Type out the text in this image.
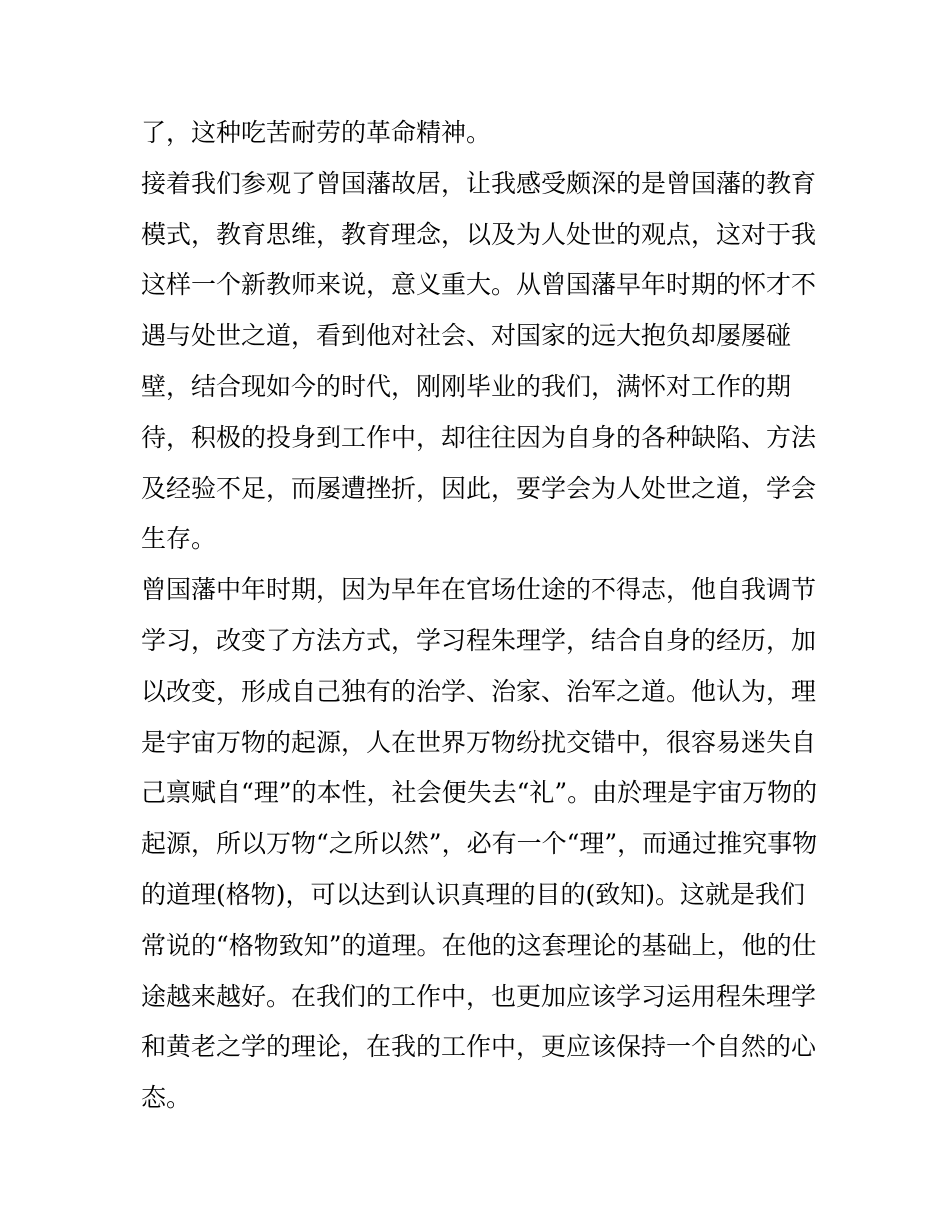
了，这种吃苦耐劳的革命精神。
接着我们参观了曾国藩故居，让我感受颇深的是曾国藩的教育
模式，教育思维，教育理念，以及为人处世的观点，这对于我
这样一个新教师来说，意义重大。从曾国藩早年时期的怀才不
遇与处世之道，看到他对社会、对国家的远大抱负却屡屡碰
壁，结合现如今的时代，刚刚毕业的我们，满怀对工作的期
待，积极的投身到工作中，却往往因为自身的各种缺陷、方法
及经验不足，而屡遭挫折，因此，要学会为人处世之道，学会
生存。
曾国藩中年时期，因为早年在官场仕途的不得志，他自我调节
学习，改变了方法方式，学习程朱理学，结合自身的经历，加
以改变，形成自己独有的治学、治家、治军之道。他认为，理
是宇宙万物的起源，人在世界万物纷扰交错中，很容易迷失自
己禀赋自“理”的本性，社会便失去“礼”。由於理是宇宙万物的
起源，所以万物“之所以然”，必有一个“理”，而通过推究事物
的道理(格物)，可以达到认识真理的目的(致知)。这就是我们
常说的“格物致知”的道理。在他的这套理论的基础上，他的仕
途越来越好。在我们的工作中，也更加应该学习运用程朱理学
和黄老之学的理论，在我的工作中，更应该保持一个自然的心
态。
